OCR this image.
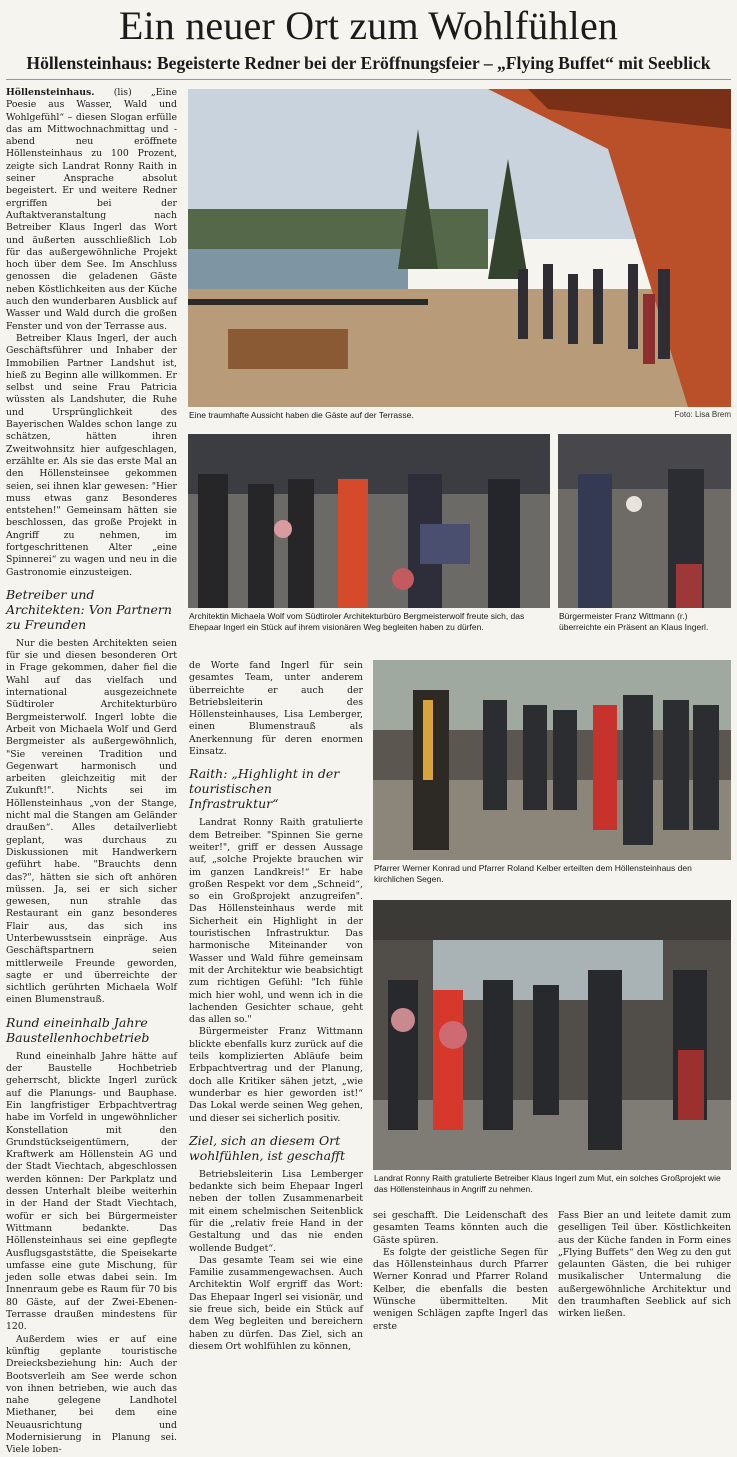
Ein neuer Ort zum Wohlfühlen
Höllensteinhaus: Begeisterte Redner bei der Eröffnungsfeier – „Flying Buffet“ mit Seeblick

Höllensteinhaus. (lis) „Eine Poesie aus Wasser, Wald und Wohlgefühl“ – diesen Slogan erfülle das am Mittwochnachmittag und -abend neu eröffnete Höllensteinhaus zu 100 Prozent, zeigte sich Landrat Ronny Raith in seiner Ansprache absolut begeistert. Er und weitere Redner ergriffen bei der Auftaktveranstaltung nach Betreiber Klaus Ingerl das Wort und äußerten ausschließlich Lob für das außergewöhnliche Projekt hoch über dem See. Im Anschluss genossen die geladenen Gäste neben Köstlichkeiten aus der Küche auch den wunderbaren Ausblick auf Wasser und Wald durch die großen Fenster und von der Terrasse aus.

Betreiber Klaus Ingerl, der auch Geschäftsführer und Inhaber der Immobilien Partner Landshut ist, hieß zu Beginn alle willkommen. Er selbst und seine Frau Patricia wüssten als Landshuter, die Ruhe und Ursprünglichkeit des Bayerischen Waldes schon lange zu schätzen, hätten ihren Zweitwohnsitz hier aufgeschlagen, erzählte er. Als sie das erste Mal an den Höllensteinsee gekommen seien, sei ihnen klar gewesen: "Hier muss etwas ganz Besonderes entstehen!" Gemeinsam hätten sie beschlossen, das große Projekt in Angriff zu nehmen, im fortgeschrittenen Alter „eine Spinnerei“ zu wagen und neu in die Gastronomie einzusteigen.

Betreiber und Architekten: Von Partnern zu Freunden

Nur die besten Architekten seien für sie und diesen besonderen Ort in Frage gekommen, daher fiel die Wahl auf das vielfach und international ausgezeichnete Südtiroler Architekturbüro Bergmeisterwolf. Ingerl lobte die Arbeit von Michaela Wolf und Gerd Bergmeister als außergewöhnlich, "Sie vereinen Tradition und Gegenwart harmonisch und arbeiten gleichzeitig mit der Zukunft!". Nichts sei im Höllensteinhaus „von der Stange, nicht mal die Stangen am Geländer draußen“. Alles detailverliebt geplant, was durchaus zu Diskussionen mit Handwerkern geführt habe. "Brauchts denn das?", hätten sie sich oft anhören müssen. Ja, sei er sich sicher gewesen, nun strahle das Restaurant ein ganz besonderes Flair aus, das sich ins Unterbewusstsein einpräge. Aus Geschäftspartnern seien mittlerweile Freunde geworden, sagte er und überreichte der sichtlich gerührten Michaela Wolf einen Blumenstrauß.

Rund eineinhalb Jahre Baustellenhochbetrieb

Rund eineinhalb Jahre hätte auf der Baustelle Hochbetrieb geherrscht, blickte Ingerl zurück auf die Planungs- und Bauphase. Ein langfristiger Erbpachtvertrag habe im Vorfeld in ungewöhnlicher Konstellation mit den Grundstückseigentümern, der Kraftwerk am Höllenstein AG und der Stadt Viechtach, abgeschlossen werden können: Der Parkplatz und dessen Unterhalt bleibe weiterhin in der Hand der Stadt Viechtach, wofür er sich bei Bürgermeister Wittmann bedankte. Das Höllensteinhaus sei eine gepflegte Ausflugsgaststätte, die Speisekarte umfasse eine gute Mischung, für jeden solle etwas dabei sein. Im Innenraum gebe es Raum für 70 bis 80 Gäste, auf der Zwei-Ebenen-Terrasse draußen mindestens für 120.

Außerdem wies er auf eine künftig geplante touristische Dreiecksbeziehung hin: Auch der Bootsverleih am See werde schon von ihnen betrieben, wie auch das nahe gelegene Landhotel Miethaner, bei dem eine Neuausrichtung und Modernisierung in Planung sei. Viele loben-

Eine traumhafte Aussicht haben die Gäste auf der Terrasse.	Foto: Lisa Brem
Architektin Michaela Wolf vom Südtiroler Architekturbüro Bergmeisterwolf freute sich, das Ehepaar Ingerl ein Stück auf ihrem visionären Weg begleiten haben zu dürfen.
Bürgermeister Franz Wittmann (r.) überreichte ein Präsent an Klaus Ingerl.

de Worte fand Ingerl für sein gesamtes Team, unter anderem überreichte er auch der Betriebsleiterin des Höllensteinhauses, Lisa Lemberger, einen Blumenstrauß als Anerkennung für deren enormen Einsatz.

Raith: „Highlight in der touristischen Infrastruktur“

Landrat Ronny Raith gratulierte dem Betreiber. "Spinnen Sie gerne weiter!", griff er dessen Aussage auf, „solche Projekte brauchen wir im ganzen Landkreis!“ Er habe großen Respekt vor dem „Schneid“, so ein Großprojekt anzugreifen". Das Höllensteinhaus werde mit Sicherheit ein Highlight in der touristischen Infrastruktur. Das harmonische Miteinander von Wasser und Wald führe gemeinsam mit der Architektur wie beabsichtigt zum richtigen Gefühl: "Ich fühle mich hier wohl, und wenn ich in die lachenden Gesichter schaue, geht das allen so."

Bürgermeister Franz Wittmann blickte ebenfalls kurz zurück auf die teils komplizierten Abläufe beim Erbpachtvertrag und der Planung, doch alle Kritiker sähen jetzt, „wie wunderbar es hier geworden ist!“ Das Lokal werde seinen Weg gehen, und dieser sei sicherlich positiv.

Ziel, sich an diesem Ort wohlfühlen, ist geschafft

Betriebsleiterin Lisa Lemberger bedankte sich beim Ehepaar Ingerl neben der tollen Zusammenarbeit mit einem schelmischen Seitenblick für die „relativ freie Hand in der Gestaltung und das nie enden wollende Budget“.

Das gesamte Team sei wie eine Familie zusammengewachsen. Auch Architektin Wolf ergriff das Wort: Das Ehepaar Ingerl sei visionär, und sie freue sich, beide ein Stück auf dem Weg begleiten und bereichern haben zu dürfen. Das Ziel, sich an diesem Ort wohlfühlen zu können,

Pfarrer Werner Konrad und Pfarrer Roland Kelber erteilten dem Höllensteinhaus den kirchlichen Segen.
Landrat Ronny Raith gratulierte Betreiber Klaus Ingerl zum Mut, ein solches Großprojekt wie das Höllensteinhaus in Angriff zu nehmen.

sei geschafft. Die Leidenschaft des gesamten Teams könnten auch die Gäste spüren.

Es folgte der geistliche Segen für das Höllensteinhaus durch Pfarrer Werner Konrad und Pfarrer Roland Kelber, die ebenfalls die besten Wünsche übermittelten. Mit wenigen Schlägen zapfte Ingerl das erste

Fass Bier an und leitete damit zum geselligen Teil über. Köstlichkeiten aus der Küche fanden in Form eines „Flying Buffets“ den Weg zu den gut gelaunten Gästen, die bei ruhiger musikalischer Untermalung die außergewöhnliche Architektur und den traumhaften Seeblick auf sich wirken ließen.
